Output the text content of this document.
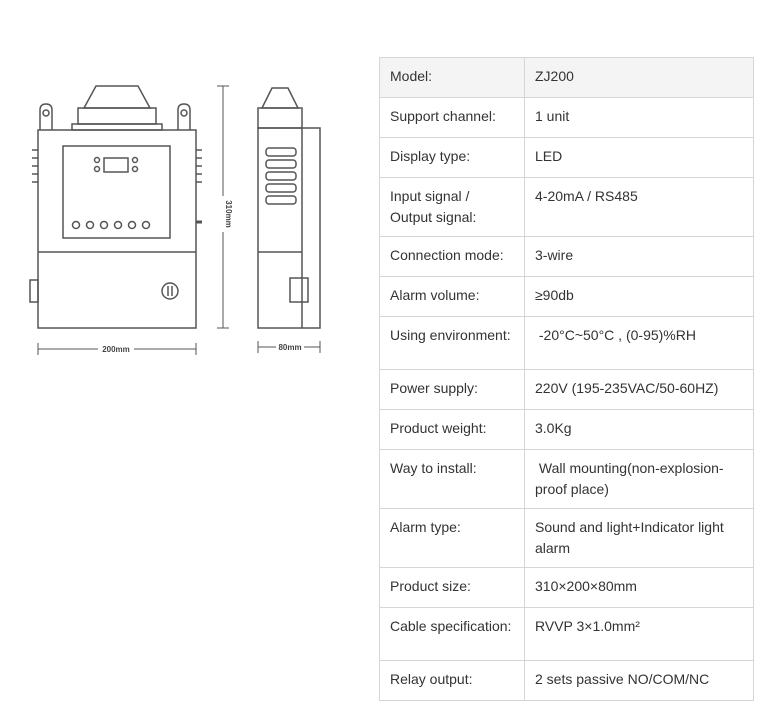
200mm	80mm
310mm
Model:	ZJ200
Support channel:	1 unit
Display type:	LED
Input signal / Output signal:	4-20mA / RS485
Connection mode:	3-wire
Alarm volume:	≥90db
Using environment:	-20°C~50°C , (0-95)%RH
Power supply:	220V (195-235VAC/50-60HZ)
Product weight:	3.0Kg
Way to install:	Wall mounting(non-explosion-proof place)
Alarm type:	Sound and light+Indicator light alarm
Product size:	310×200×80mm
Cable specification:	RVVP 3×1.0mm²
Relay output:	2 sets passive NO/COM/NC
